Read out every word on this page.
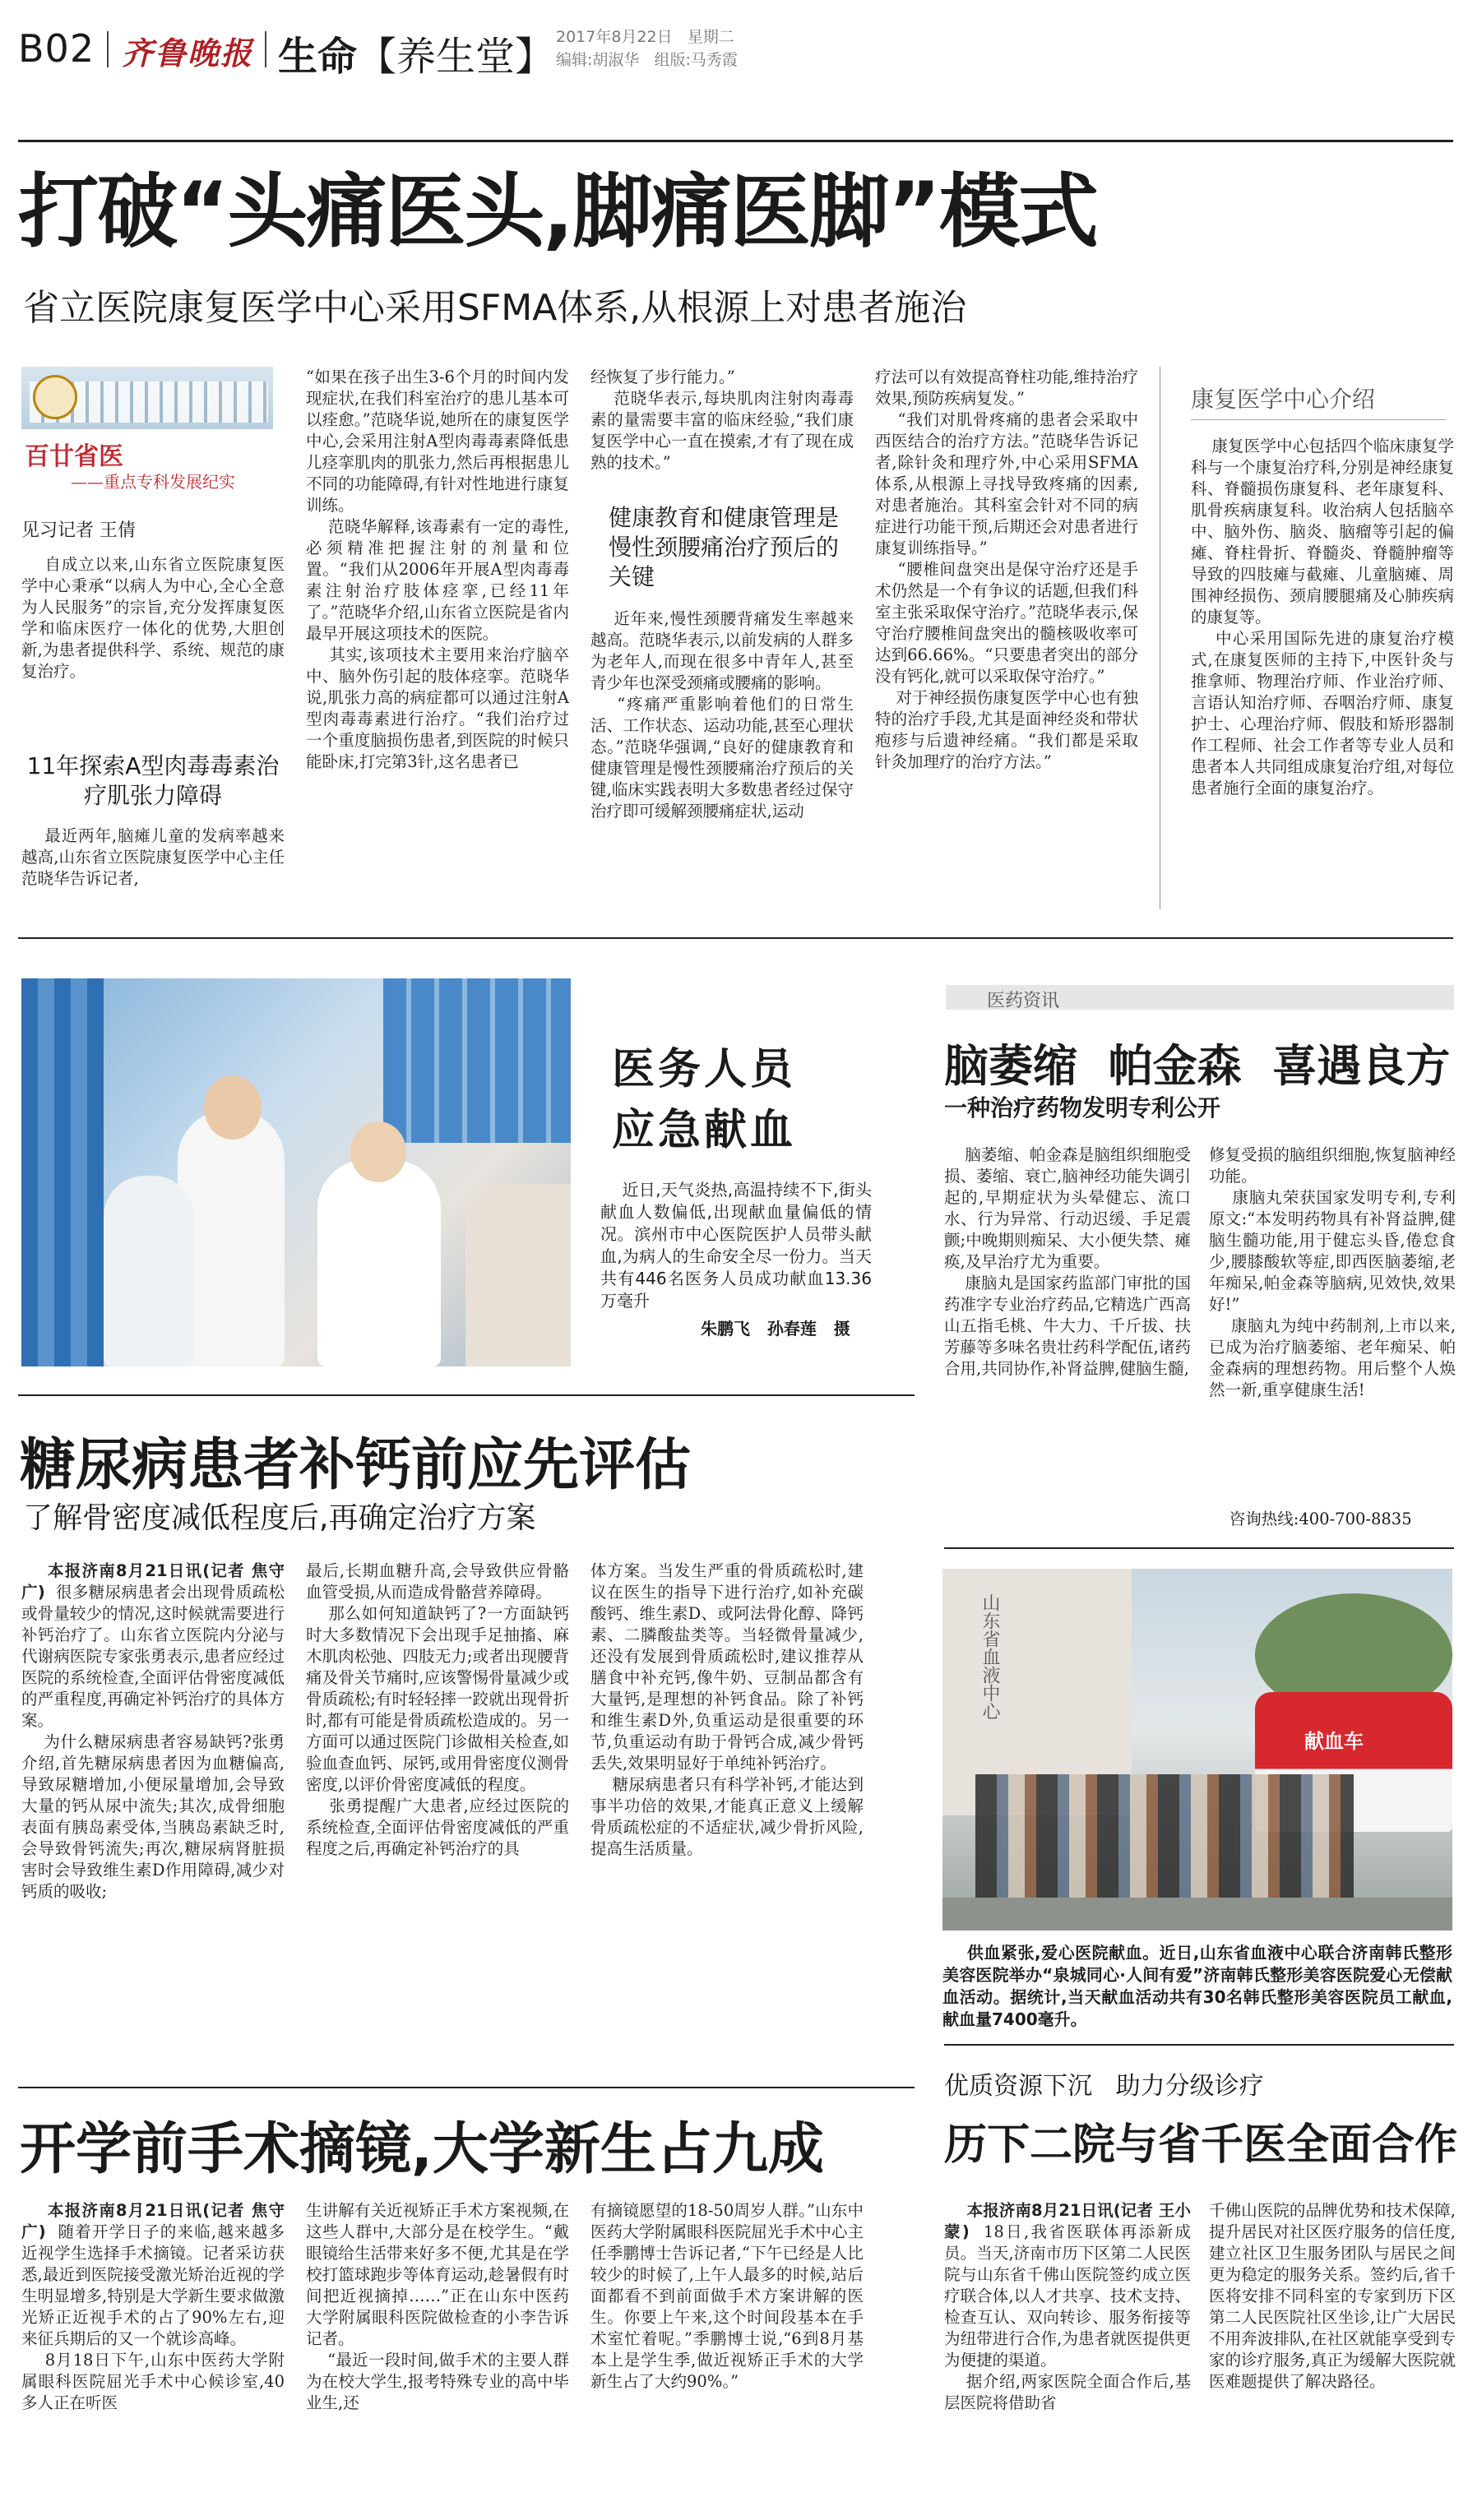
B02 齐鲁晚报 生命【养生堂】 2017年8月22日 星期二
编辑:胡淑华 组版:马秀霞
打破“头痛医头,脚痛医脚”模式
省立医院康复医学中心采用SFMA体系,从根源上对患者施治
百廿省医
——重点专科发展纪实
见习记者 王倩
自成立以来,山东省立医院康复医学中心秉承“以病人为中心,全心全意为人民服务”的宗旨,充分发挥康复医学和临床医疗一体化的优势,大胆创新,为患者提供科学、系统、规范的康复治疗。
11年探索A型肉毒毒素治疗肌张力障碍
最近两年,脑瘫儿童的发病率越来越高,山东省立医院康复医学中心主任范晓华告诉记者,
“如果在孩子出生3-6个月的时间内发现症状,在我们科室治疗的患儿基本可以痊愈。”范晓华说,她所在的康复医学中心,会采用注射A型肉毒毒素降低患儿痉挛肌肉的肌张力,然后再根据患儿不同的功能障碍,有针对性地进行康复训练。
范晓华解释,该毒素有一定的毒性,必须精准把握注射的剂量和位置。“我们从2006年开展A型肉毒毒素注射治疗肢体痉挛,已经11年了。”范晓华介绍,山东省立医院是省内最早开展这项技术的医院。
其实,该项技术主要用来治疗脑卒中、脑外伤引起的肢体痉挛。范晓华说,肌张力高的病症都可以通过注射A型肉毒毒素进行治疗。“我们治疗过一个重度脑损伤患者,到医院的时候只能卧床,打完第3针,这名患者已
经恢复了步行能力。”
范晓华表示,每块肌肉注射肉毒毒素的量需要丰富的临床经验,“我们康复医学中心一直在摸索,才有了现在成熟的技术。”
健康教育和健康管理是慢性颈腰痛治疗预后的关键
近年来,慢性颈腰背痛发生率越来越高。范晓华表示,以前发病的人群多为老年人,而现在很多中青年人,甚至青少年也深受颈痛或腰痛的影响。
“疼痛严重影响着他们的日常生活、工作状态、运动功能,甚至心理状态。”范晓华强调,“良好的健康教育和健康管理是慢性颈腰痛治疗预后的关键,临床实践表明大多数患者经过保守治疗即可缓解颈腰痛症状,运动
疗法可以有效提高脊柱功能,维持治疗效果,预防疾病复发。”
“我们对肌骨疼痛的患者会采取中西医结合的治疗方法。”范晓华告诉记者,除针灸和理疗外,中心采用SFMA体系,从根源上寻找导致疼痛的因素,对患者施治。其科室会针对不同的病症进行功能干预,后期还会对患者进行康复训练指导。”
“腰椎间盘突出是保守治疗还是手术仍然是一个有争议的话题,但我们科室主张采取保守治疗。”范晓华表示,保守治疗腰椎间盘突出的髓核吸收率可达到66.66%。“只要患者突出的部分没有钙化,就可以采取保守治疗。”
对于神经损伤康复医学中心也有独特的治疗手段,尤其是面神经炎和带状疱疹与后遗神经痛。“我们都是采取针灸加理疗的治疗方法。”
康复医学中心介绍
康复医学中心包括四个临床康复学科与一个康复治疗科,分别是神经康复科、脊髓损伤康复科、老年康复科、肌骨疾病康复科。收治病人包括脑卒中、脑外伤、脑炎、脑瘤等引起的偏瘫、脊柱骨折、脊髓炎、脊髓肿瘤等导致的四肢瘫与截瘫、儿童脑瘫、周围神经损伤、颈肩腰腿痛及心肺疾病的康复等。
中心采用国际先进的康复治疗模式,在康复医师的主持下,中医针灸与推拿师、物理治疗师、作业治疗师、言语认知治疗师、吞咽治疗师、康复护士、心理治疗师、假肢和矫形器制作工程师、社会工作者等专业人员和患者本人共同组成康复治疗组,对每位患者施行全面的康复治疗。
医务人员
应急献血
近日,天气炎热,高温持续不下,街头献血人数偏低,出现献血量偏低的情况。滨州市中心医院医护人员带头献血,为病人的生命安全尽一份力。当天共有446名医务人员成功献血13.36万毫升
朱鹏飞   孙春莲   摄
医药资讯
脑萎缩  帕金森  喜遇良方
一种治疗药物发明专利公开
脑萎缩、帕金森是脑组织细胞受损、萎缩、衰亡,脑神经功能失调引起的,早期症状为头晕健忘、流口水、行为异常、行动迟缓、手足震颤;中晚期则痴呆、大小便失禁、瘫痪,及早治疗尤为重要。
康脑丸是国家药监部门审批的国药准字专业治疗药品,它精选广西高山五指毛桃、牛大力、千斤拔、扶芳藤等多味名贵壮药科学配伍,诸药合用,共同协作,补肾益脾,健脑生髓,
修复受损的脑组织细胞,恢复脑神经功能。
康脑丸荣获国家发明专利,专利原文:“本发明药物具有补肾益脾,健脑生髓功能,用于健忘头昏,倦怠食少,腰膝酸软等症,即西医脑萎缩,老年痴呆,帕金森等脑病,见效快,效果好!”
康脑丸为纯中药制剂,上市以来,已成为治疗脑萎缩、老年痴呆、帕金森病的理想药物。用后整个人焕然一新,重享健康生活!
咨询热线:400-700-8835
糖尿病患者补钙前应先评估
了解骨密度减低程度后,再确定治疗方案
本报济南8月21日讯(记者 焦守广)  很多糖尿病患者会出现骨质疏松或骨量较少的情况,这时候就需要进行补钙治疗了。山东省立医院内分泌与代谢病医院专家张勇表示,患者应经过医院的系统检查,全面评估骨密度减低的严重程度,再确定补钙治疗的具体方案。
为什么糖尿病患者容易缺钙?张勇介绍,首先糖尿病患者因为血糖偏高,导致尿糖增加,小便尿量增加,会导致大量的钙从尿中流失;其次,成骨细胞表面有胰岛素受体,当胰岛素缺乏时,会导致骨钙流失;再次,糖尿病肾脏损害时会导致维生素D作用障碍,减少对钙质的吸收;
最后,长期血糖升高,会导致供应骨骼血管受损,从而造成骨骼营养障碍。
那么如何知道缺钙了?一方面缺钙时大多数情况下会出现手足抽搐、麻木肌肉松弛、四肢无力;或者出现腰背痛及骨关节痛时,应该警惕骨量减少或骨质疏松;有时轻轻摔一跤就出现骨折时,都有可能是骨质疏松造成的。另一方面可以通过医院门诊做相关检查,如验血查血钙、尿钙,或用骨密度仪测骨密度,以评价骨密度减低的程度。
张勇提醒广大患者,应经过医院的系统检查,全面评估骨密度减低的严重程度之后,再确定补钙治疗的具
体方案。当发生严重的骨质疏松时,建议在医生的指导下进行治疗,如补充碳酸钙、维生素D、或阿法骨化醇、降钙素、二膦酸盐类等。当轻微骨量减少,还没有发展到骨质疏松时,建议推荐从膳食中补充钙,像牛奶、豆制品都含有大量钙,是理想的补钙食品。除了补钙和维生素D外,负重运动是很重要的环节,负重运动有助于骨钙合成,减少骨钙丢失,效果明显好于单纯补钙治疗。
糖尿病患者只有科学补钙,才能达到事半功倍的效果,才能真正意义上缓解骨质疏松症的不适症状,减少骨折风险,提高生活质量。
山东省血液中心
献血车
供血紧张,爱心医院献血。近日,山东省血液中心联合济南韩氏整形美容医院举办“泉城同心·人间有爱”济南韩氏整形美容医院爱心无偿献血活动。据统计,当天献血活动共有30名韩氏整形美容医院员工献血,献血量7400毫升。
开学前手术摘镜,大学新生占九成
本报济南8月21日讯(记者 焦守广)  随着开学日子的来临,越来越多近视学生选择手术摘镜。记者采访获悉,最近到医院接受激光矫治近视的学生明显增多,特别是大学新生要求做激光矫正近视手术的占了90%左右,迎来征兵期后的又一个就诊高峰。
8月18日下午,山东中医药大学附属眼科医院屈光手术中心候诊室,40多人正在听医
生讲解有关近视矫正手术方案视频,在这些人群中,大部分是在校学生。“戴眼镜给生活带来好多不便,尤其是在学校打篮球跑步等体育运动,趁暑假有时间把近视摘掉……”正在山东中医药大学附属眼科医院做检查的小李告诉记者。
“最近一段时间,做手术的主要人群为在校大学生,报考特殊专业的高中毕业生,还
有摘镜愿望的18-50周岁人群。”山东中医药大学附属眼科医院屈光手术中心主任季鹏博士告诉记者,“下午已经是人比较少的时候了,上午人最多的时候,站后面都看不到前面做手术方案讲解的医生。你要上午来,这个时间段基本在手术室忙着呢。”季鹏博士说,“6到8月基本上是学生季,做近视矫正手术的大学新生占了大约90%。”
优质资源下沉   助力分级诊疗
历下二院与省千医全面合作
本报济南8月21日讯(记者 王小蒙)  18日,我省医联体再添新成员。当天,济南市历下区第二人民医院与山东省千佛山医院签约成立医疗联合体,以人才共享、技术支持、检查互认、双向转诊、服务衔接等为纽带进行合作,为患者就医提供更为便捷的渠道。
据介绍,两家医院全面合作后,基层医院将借助省
千佛山医院的品牌优势和技术保障,提升居民对社区医疗服务的信任度,建立社区卫生服务团队与居民之间更为稳定的服务关系。签约后,省千医将安排不同科室的专家到历下区第二人民医院社区坐诊,让广大居民不用奔波排队,在社区就能享受到专家的诊疗服务,真正为缓解大医院就医难题提供了解决路径。
